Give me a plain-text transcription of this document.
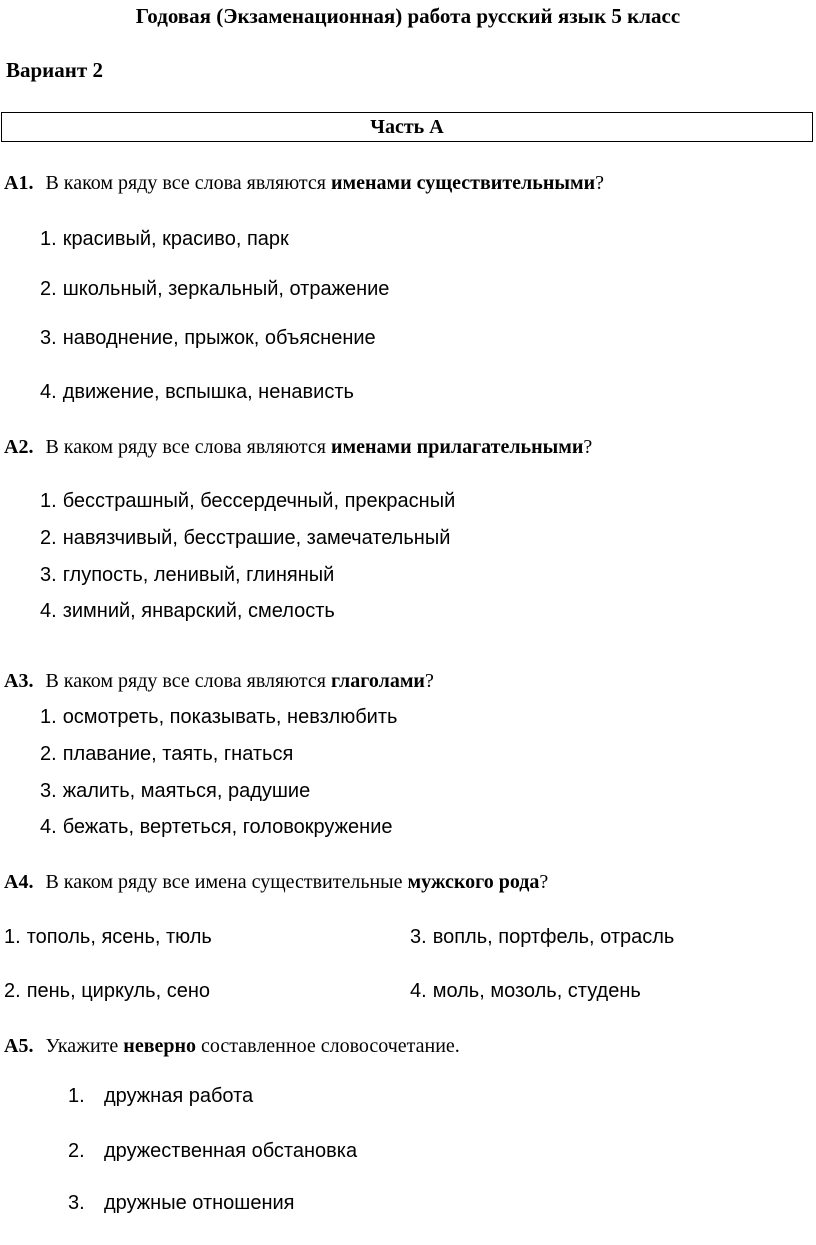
Годовая (Экзаменационная) работа русский язык 5 класс
Вариант 2
Часть А
А1. В каком ряду все слова являются именами существительными?
1. красивый, красиво, парк
2. школьный, зеркальный, отражение
3. наводнение, прыжок, объяснение
4. движение, вспышка, ненависть
А2. В каком ряду все слова являются именами прилагательными?
1. бесстрашный, бессердечный, прекрасный
2. навязчивый, бесстрашие, замечательный
3. глупость, ленивый, глиняный
4. зимний, январский, смелость
А3. В каком ряду все слова являются глаголами?
1. осмотреть, показывать, невзлюбить
2. плавание, таять, гнаться
3. жалить, маяться, радушие
4. бежать, вертеться, головокружение
А4. В каком ряду все имена существительные мужского рода?
1. тополь, ясень, тюль
2. пень, циркуль, сено
3. вопль, портфель, отрасль
4. моль, мозоль, студень
А5. Укажите неверно составленное словосочетание.
1. дружная работа
2. дружественная обстановка
3. дружные отношения
